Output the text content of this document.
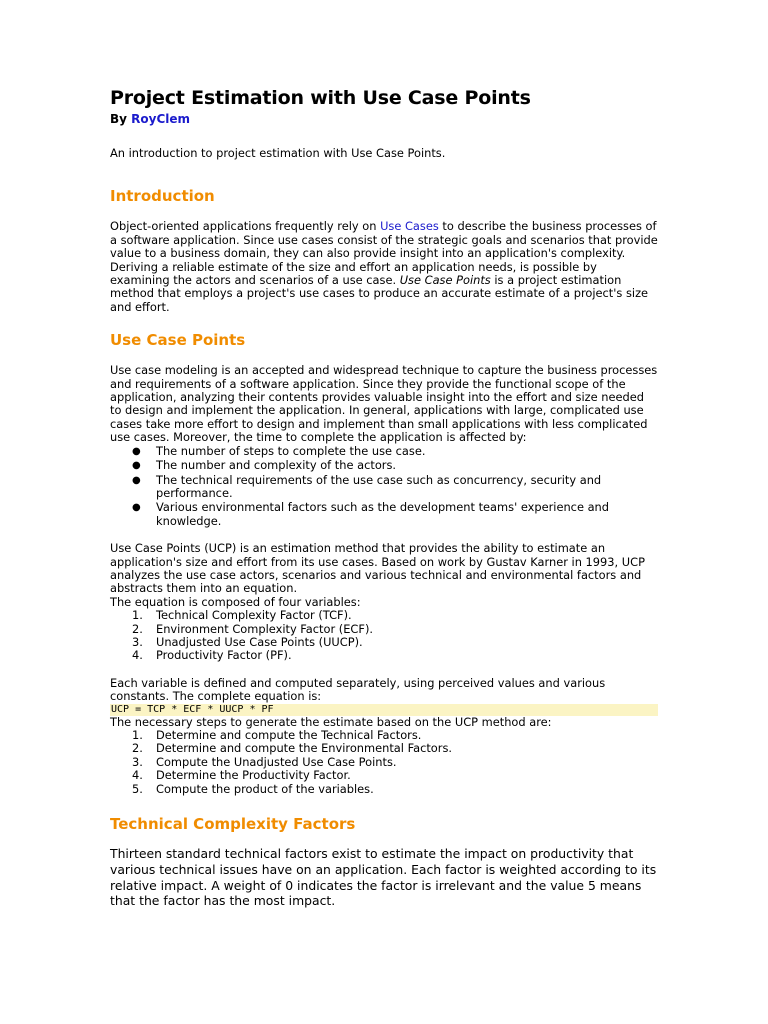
Project Estimation with Use Case Points
By RoyClem

An introduction to project estimation with Use Case Points.

Introduction

Object-oriented applications frequently rely on Use Cases to describe the business processes of a software application. Since use cases consist of the strategic goals and scenarios that provide value to a business domain, they can also provide insight into an application's complexity. Deriving a reliable estimate of the size and effort an application needs, is possible by examining the actors and scenarios of a use case. Use Case Points is a project estimation method that employs a project's use cases to produce an accurate estimate of a project's size and effort.

Use Case Points

Use case modeling is an accepted and widespread technique to capture the business processes and requirements of a software application. Since they provide the functional scope of the application, analyzing their contents provides valuable insight into the effort and size needed to design and implement the application. In general, applications with large, complicated use cases take more effort to design and implement than small applications with less complicated use cases. Moreover, the time to complete the application is affected by:

● The number of steps to complete the use case.
● The number and complexity of the actors.
● The technical requirements of the use case such as concurrency, security and performance.
● Various environmental factors such as the development teams' experience and knowledge.

Use Case Points (UCP) is an estimation method that provides the ability to estimate an application's size and effort from its use cases. Based on work by Gustav Karner in 1993, UCP analyzes the use case actors, scenarios and various technical and environmental factors and abstracts them into an equation.

The equation is composed of four variables:

1. Technical Complexity Factor (TCF).
2. Environment Complexity Factor (ECF).
3. Unadjusted Use Case Points (UUCP).
4. Productivity Factor (PF).

Each variable is defined and computed separately, using perceived values and various constants. The complete equation is:

UCP = TCP * ECF * UUCP * PF

The necessary steps to generate the estimate based on the UCP method are:

1. Determine and compute the Technical Factors.
2. Determine and compute the Environmental Factors.
3. Compute the Unadjusted Use Case Points.
4. Determine the Productivity Factor.
5. Compute the product of the variables.
Technical Complexity Factors

Thirteen standard technical factors exist to estimate the impact on productivity that various technical issues have on an application. Each factor is weighted according to its relative impact. A weight of 0 indicates the factor is irrelevant and the value 5 means that the factor has the most impact.
